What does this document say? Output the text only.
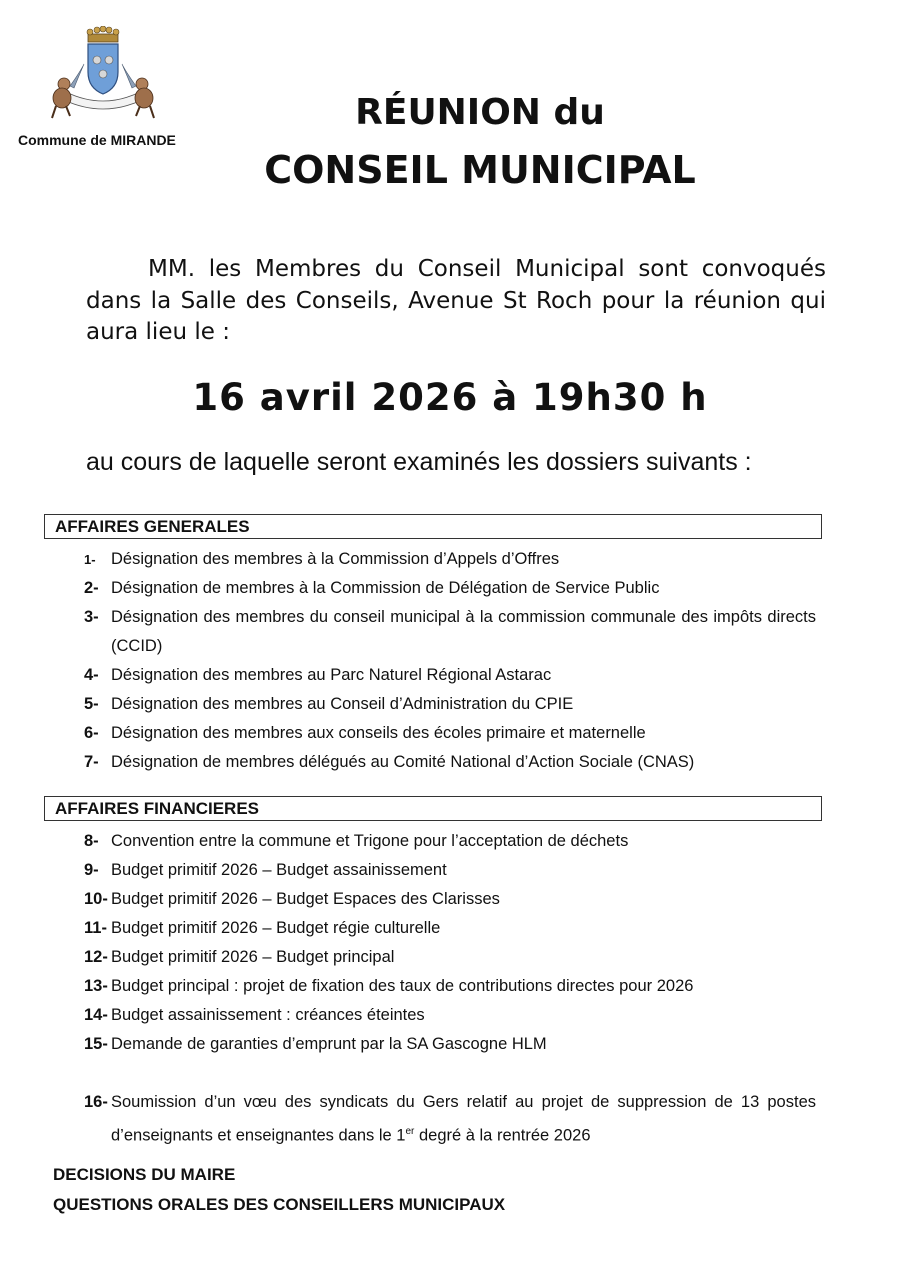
Commune de MIRANDE
RÉUNION du
CONSEIL MUNICIPAL
MM. les Membres du Conseil Municipal sont convoqués dans la Salle des Conseils, Avenue St Roch pour la réunion qui aura lieu le :
16 avril 2026 à 19h30 h
au cours de laquelle seront examinés les dossiers suivants :
AFFAIRES GENERALES
1- Désignation des membres à la Commission d’Appels d’Offres
2- Désignation de membres à la Commission de Délégation de Service Public
3- Désignation des membres du conseil municipal à la commission communale des impôts directs (CCID)
4- Désignation des membres au Parc Naturel Régional Astarac
5- Désignation des membres au Conseil d’Administration du CPIE
6- Désignation des membres aux conseils des écoles primaire et maternelle
7- Désignation de membres délégués au Comité National d’Action Sociale (CNAS)
AFFAIRES FINANCIERES
8- Convention entre la commune et Trigone pour l’acceptation de déchets
9- Budget primitif 2026 – Budget assainissement
10- Budget primitif 2026 – Budget Espaces des Clarisses
11- Budget primitif 2026 – Budget régie culturelle
12- Budget primitif 2026 – Budget principal
13- Budget principal : projet de fixation des taux de contributions directes pour 2026
14- Budget assainissement : créances éteintes
15- Demande de garanties d’emprunt par la SA Gascogne HLM
16- Soumission d’un vœu des syndicats du Gers relatif au projet de suppression de 13 postes d’enseignants et enseignantes dans le 1er degré à la rentrée 2026
DECISIONS DU MAIRE
QUESTIONS ORALES DES CONSEILLERS MUNICIPAUX
